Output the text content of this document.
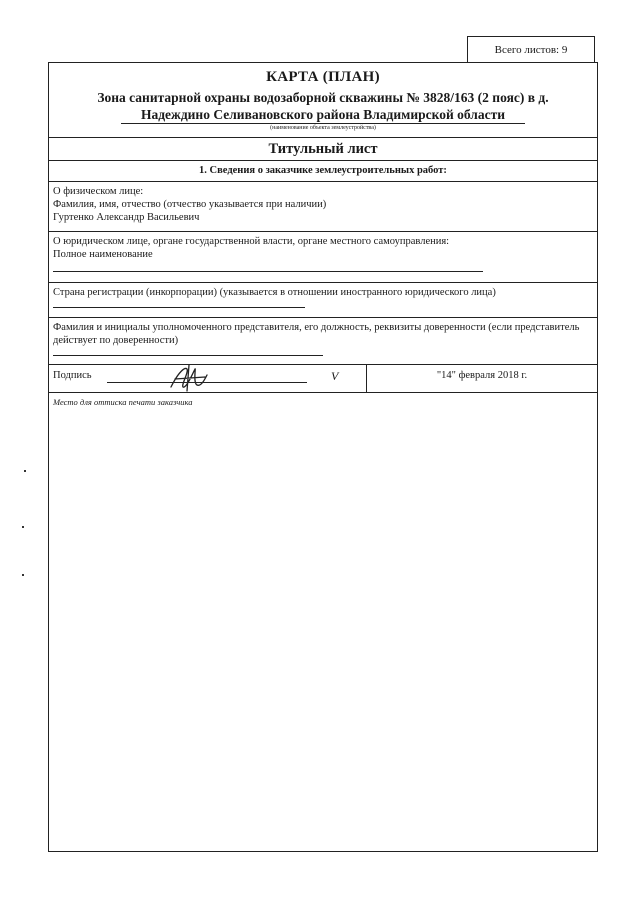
Всего листов:
9
КАРТА (ПЛАН)
Зона санитарной охраны водозаборной скважины № 3828/163 (2 пояс) в д.
Надеждино Селивановского района Владимирской области
(наименование объекта землеустройства)
Титульный лист
1. Сведения о заказчике землеустроительных работ:
О физическом лице:
Фамилия, имя, отчество (отчество указывается при наличии)
Гуртенко Александр Васильевич
О юридическом лице, органе государственной власти, органе местного самоуправления:
Полное наименование
Страна регистрации (инкорпорации) (указывается в отношении иностранного юридического лица)
Фамилия и инициалы уполномоченного представителя, его должность, реквизиты доверенности (если представитель действует по доверенности)
Подпись	V	"14" февраля 2018 г.
Место для оттиска печати заказчика
